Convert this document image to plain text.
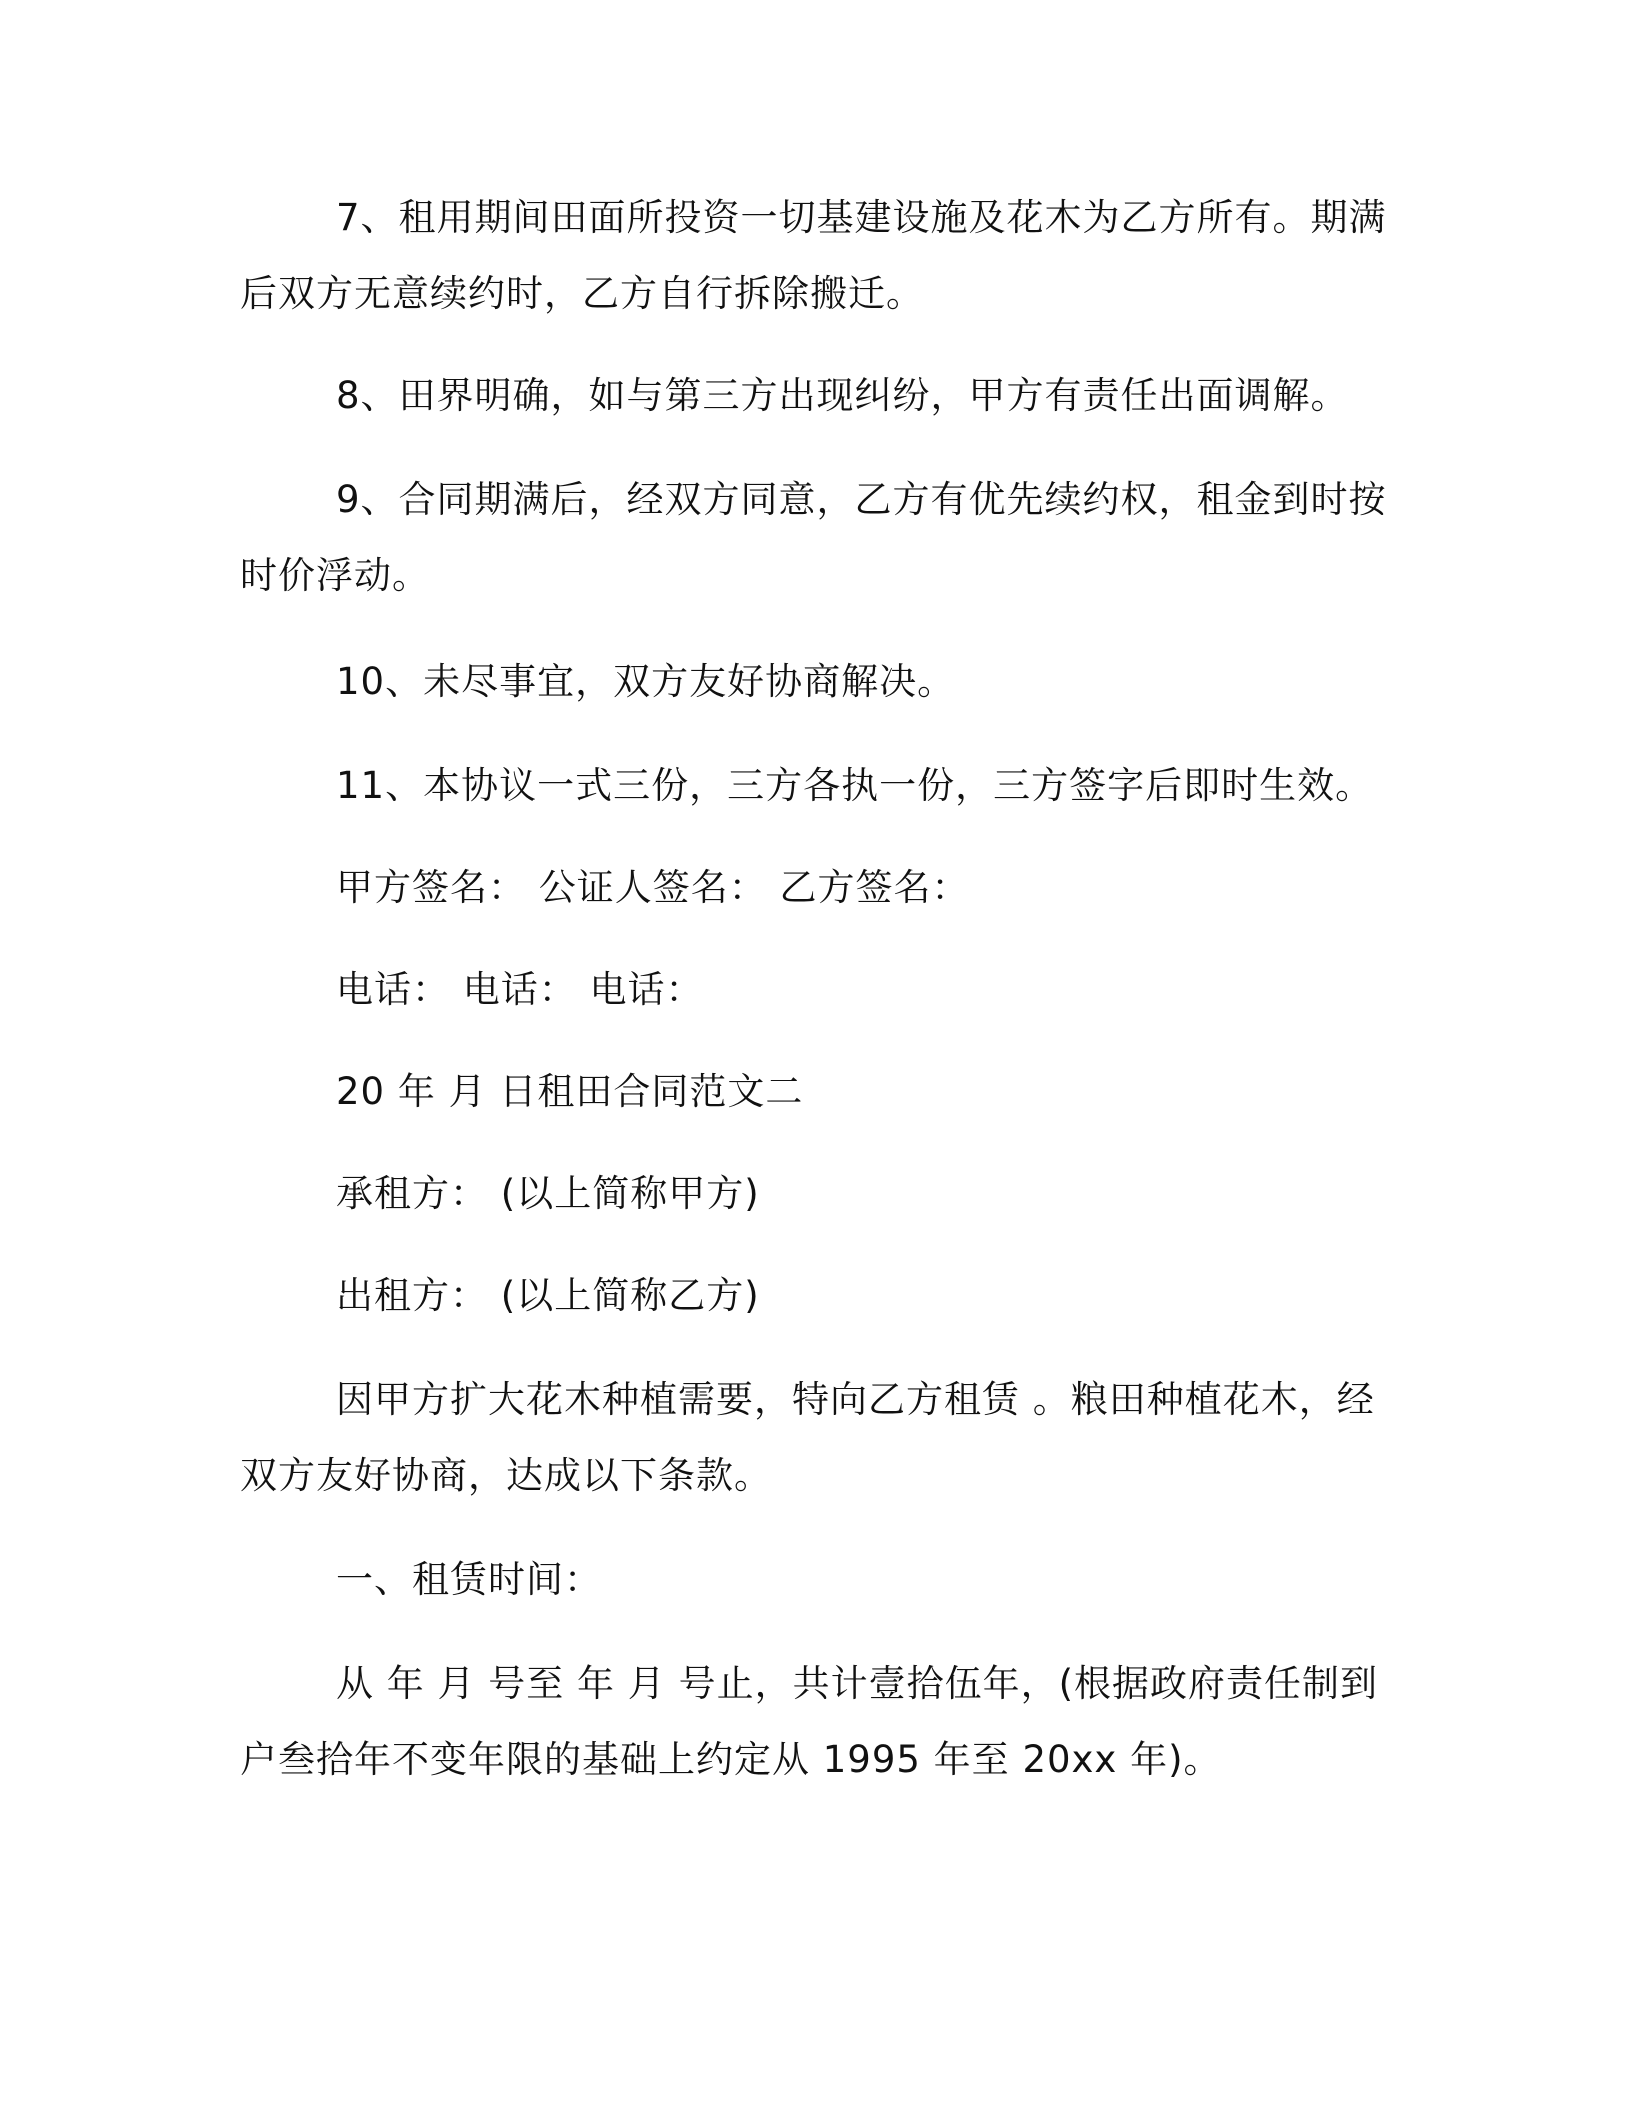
7、租用期间田面所投资一切基建设施及花木为乙方所有。期满后双方无意续约时，乙方自行拆除搬迁。
8、田界明确，如与第三方出现纠纷，甲方有责任出面调解。
9、合同期满后，经双方同意，乙方有优先续约权，租金到时按时价浮动。
10、未尽事宜，双方友好协商解决。
11、本协议一式三份，三方各执一份，三方签字后即时生效。
甲方签名： 公证人签名： 乙方签名：
电话： 电话： 电话：
20 年 月 日租田合同范文二
承租方： (以上简称甲方)
出租方： (以上简称乙方)
因甲方扩大花木种植需要，特向乙方租赁 。粮田种植花木，经双方友好协商，达成以下条款。
一、租赁时间：
从 年 月 号至 年 月 号止，共计壹拾伍年，(根据政府责任制到户叁拾年不变年限的基础上约定从 1995 年至 20xx 年)。
